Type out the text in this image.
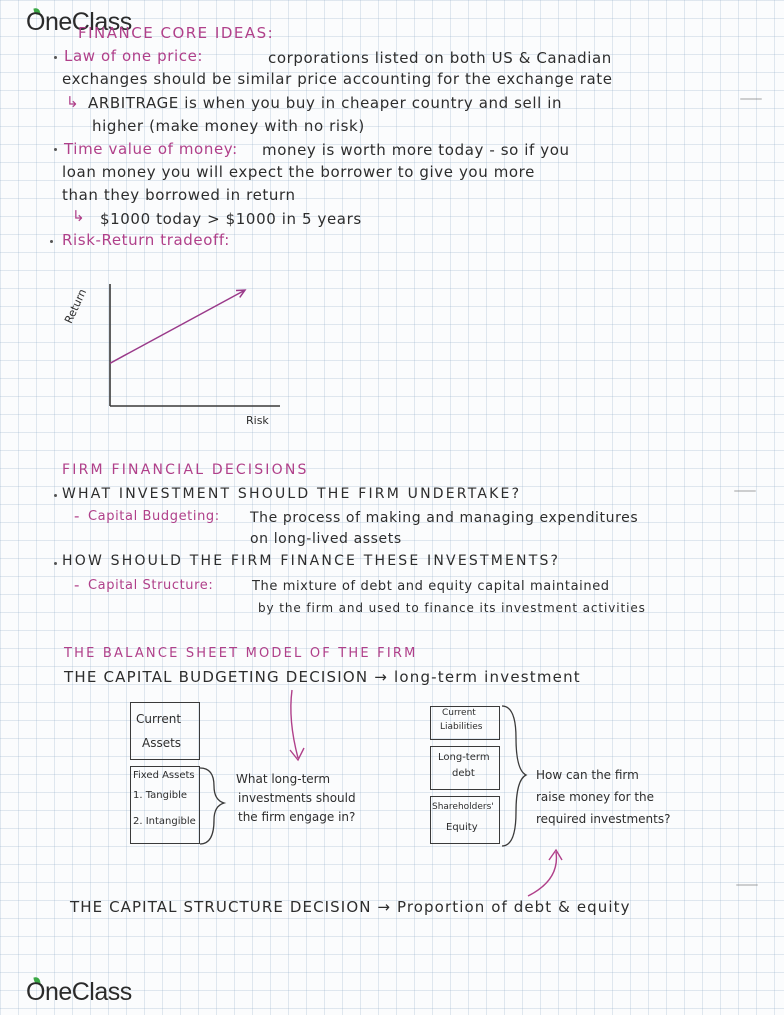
OneClass
OneClass
FINANCE CORE IDEAS:
Law of one price:	corporations listed on both US & Canadian
exchanges should be similar price accounting for the exchange rate
↳ ARBITRAGE is when you buy in cheaper country and sell in
higher (make money with no risk)
Time value of money: money is worth more today - so if you
loan money you will expect the borrower to give you more
than they borrowed in return
↳ $1000 today > $1000 in 5 years
Risk-Return tradeoff:
Return
Risk
FIRM FINANCIAL DECISIONS
WHAT INVESTMENT SHOULD THE FIRM UNDERTAKE?
- Capital Budgeting: The process of making and managing expenditures
on long-lived assets
HOW SHOULD THE FIRM FINANCE THESE INVESTMENTS?
- Capital Structure:	The mixture of debt and equity capital maintained
by the firm and used to finance its investment activities
THE BALANCE SHEET MODEL OF THE FIRM
THE CAPITAL BUDGETING DECISION → long-term investment
Current
Assets
Fixed Assets
1. Tangible
2. Intangible
What long-term
investments should
the firm engage in?
Current
Liabilities
Long-term
debt
Shareholders'
Equity
How can the firm
raise money for the
required investments?
THE CAPITAL STRUCTURE DECISION → Proportion of debt & equity
